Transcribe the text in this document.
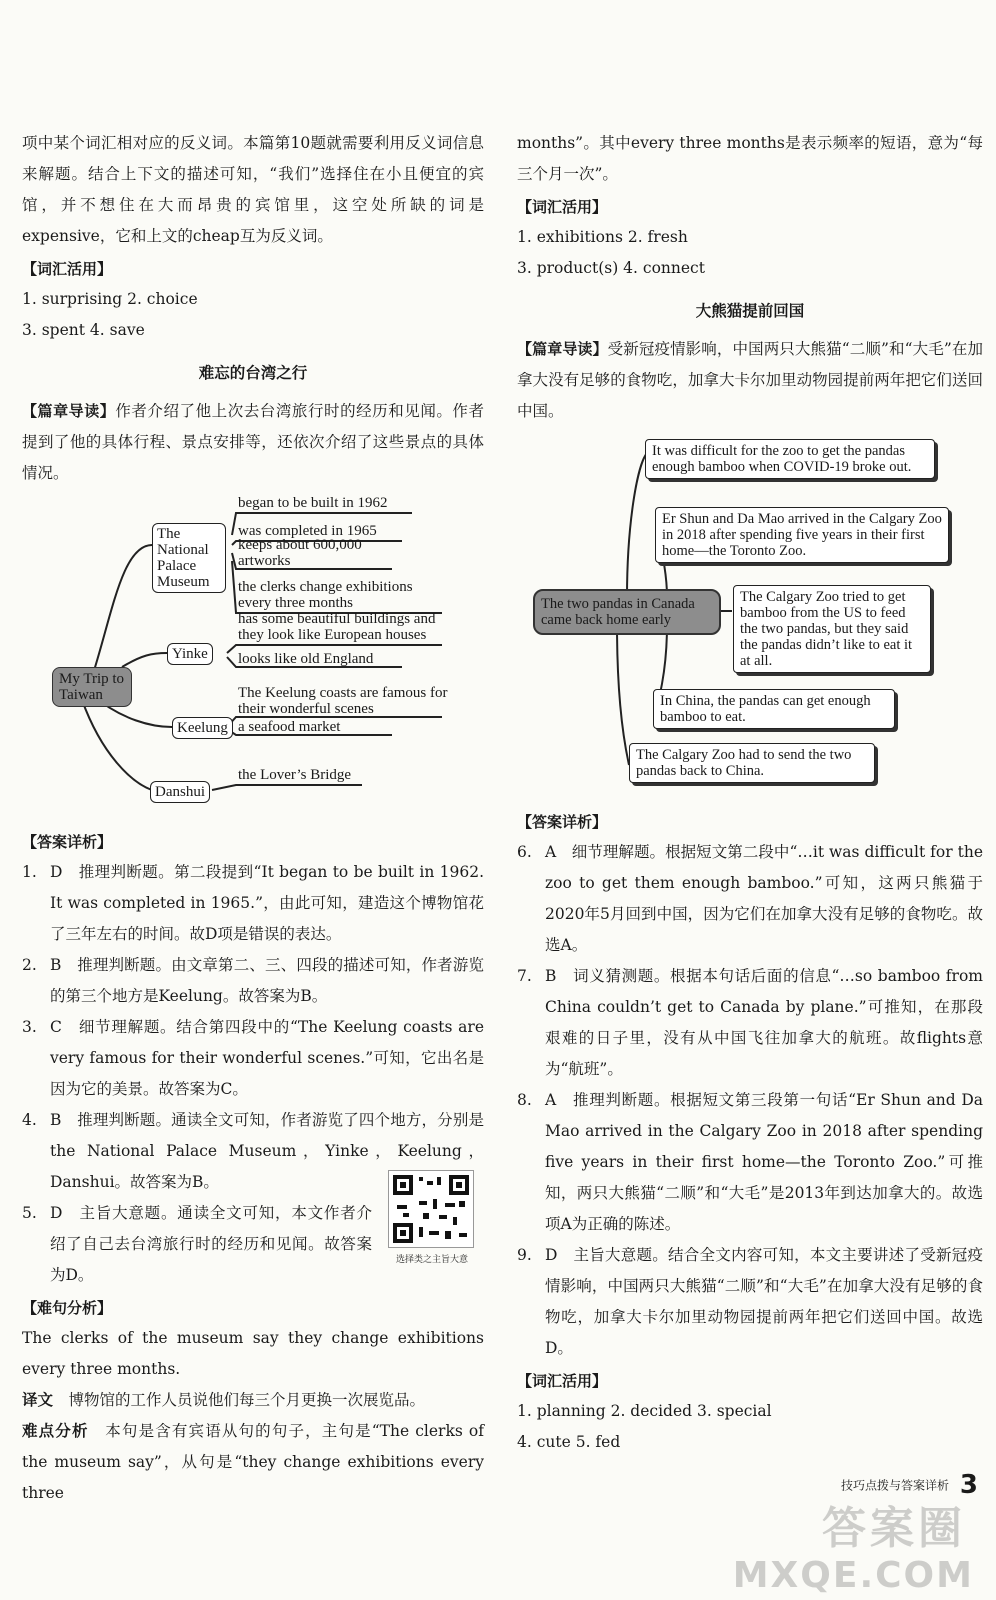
项中某个词汇相对应的反义词。本篇第10题就需要利用反义词信息来解题。结合上下文的描述可知，“我们”选择住在小且便宜的宾馆，并不想住在大而昂贵的宾馆里，这空处所缺的词是expensive，它和上文的cheap互为反义词。

【词汇活用】

1. surprising 2. choice

3. spent 4. save

难忘的台湾之行

【篇章导读】作者介绍了他上次去台湾旅行时的经历和见闻。作者提到了他的具体行程、景点安排等，还依次介绍了这些景点的具体情况。

The National Palace Museum
began to be built in 1962
was completed in 1965
keeps about 600,000 artworks
the clerks change exhibitions every three months
Yinke
has some beautiful buildings and they look like European houses
looks like old England
My Trip to Taiwan
Keelung
The Keelung coasts are famous for their wonderful scenes
a seafood market
Danshui
the Lover’s Bridge

【答案详析】

1. D　推理判断题。第二段提到“It began to be built in 1962. It was completed in 1965.”，由此可知，建造这个博物馆花了三年左右的时间。故D项是错误的表达。
2. B　推理判断题。由文章第二、三、四段的描述可知，作者游览的第三个地方是Keelung。故答案为B。
3. C　细节理解题。结合第四段中的“The Keelung coasts are very famous for their wonderful scenes.”可知，它出名是因为它的美景。故答案为C。
4. B　推理判断题。通读全文可知，作者游览了四个地方，分别是the National Palace Museum，Yinke，Keelung，Danshui。故答案为B。
5. D　主旨大意题。通读全文可知，本文作者介绍了自己去台湾旅行时的经历和见闻。故答案为D。

【难句分析】

The clerks of the museum say they change exhibitions every three months.

译文　 博物馆的工作人员说他们每三个月更换一次展览品。

难点分析　 本句是含有宾语从句的句子，主句是“The clerks of the museum say”，从句是“they change exhibitions every three

选择类之主旨大意

months”。其中every three months是表示频率的短语，意为“每三个月一次”。

【词汇活用】

1. exhibitions 2. fresh

3. product(s) 4. connect

大熊猫提前回国

【篇章导读】受新冠疫情影响，中国两只大熊猫“二顺”和“大毛”在加拿大没有足够的食物吃，加拿大卡尔加里动物园提前两年把它们送回中国。

The two pandas in Canada came back home early
It was difficult for the zoo to get the pandas enough bamboo when COVID-19 broke out.
Er Shun and Da Mao arrived in the Calgary Zoo in 2018 after spending five years in their first home—the Toronto Zoo.
The Calgary Zoo tried to get bamboo from the US to feed the two pandas, but they said the pandas didn’t like to eat it at all.
In China, the pandas can get enough bamboo to eat.
The Calgary Zoo had to send the two pandas back to China.

【答案详析】

6. A　细节理解题。根据短文第二段中“…it was difficult for the zoo to get them enough bamboo.”可知，这两只熊猫于2020年5月回到中国，因为它们在加拿大没有足够的食物吃。故选A。
7. B　词义猜测题。根据本句话后面的信息“…so bamboo from China couldn’t get to Canada by plane.”可推知，在那段艰难的日子里，没有从中国飞往加拿大的航班。故flights意为“航班”。
8. A　推理判断题。根据短文第三段第一句话“Er Shun and Da Mao arrived in the Calgary Zoo in 2018 after spending five years in their first home—the Toronto Zoo.”可推知，两只大熊猫“二顺”和“大毛”是2013年到达加拿大的。故选项A为正确的陈述。
9. D　主旨大意题。结合全文内容可知，本文主要讲述了受新冠疫情影响，中国两只大熊猫“二顺”和“大毛”在加拿大没有足够的食物吃，加拿大卡尔加里动物园提前两年把它们送回中国。故选D。

【词汇活用】

1. planning 2. decided 3. special

4. cute 5. fed

技巧点拨与答案详析 3
答案圈
MXQE.COM
